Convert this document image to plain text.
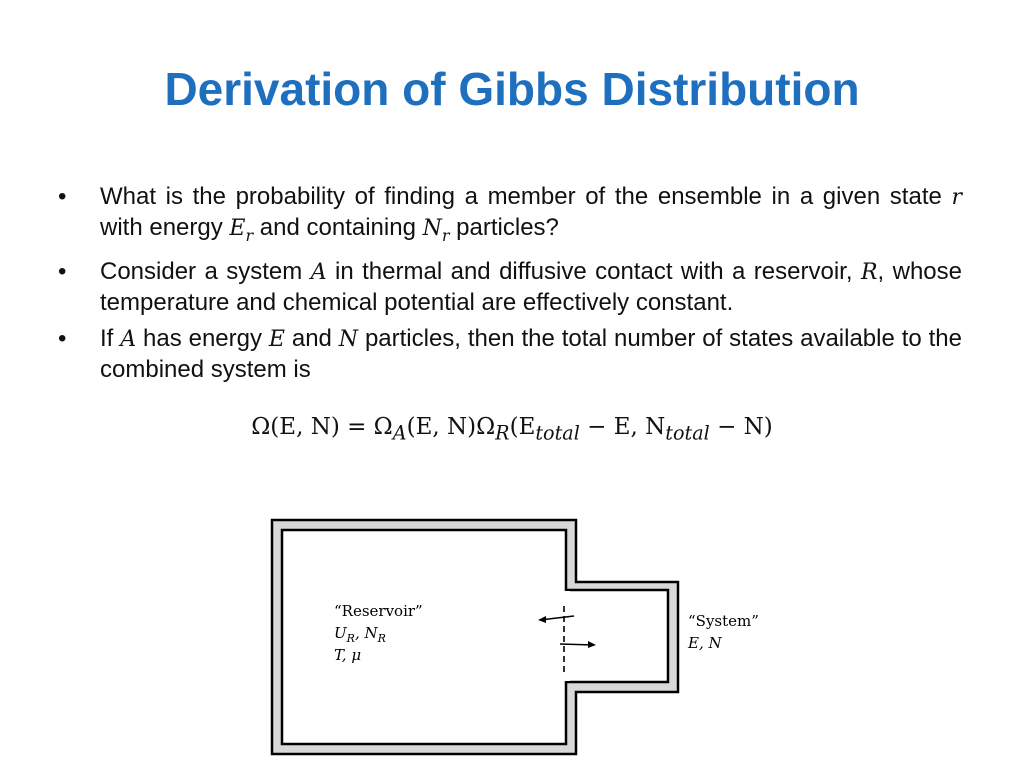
Derivation of Gibbs Distribution
• What is the probability of finding a member of the ensemble in a given state r with energy $E_r$ and containing $N_r$ particles?
• Consider a system A in thermal and diffusive contact with a reservoir, R, whose temperature and chemical potential are effectively constant.
• If A has energy E and N particles, then the total number of states available to the combined system is
Ω(E, $N) = \Omega_A(E$, $N)\Omega_R(E_{total} - E$, $N_{total} - N$)
“Reservoir”
$U_R$, $N_R$
T, μ
“System”
E, N
